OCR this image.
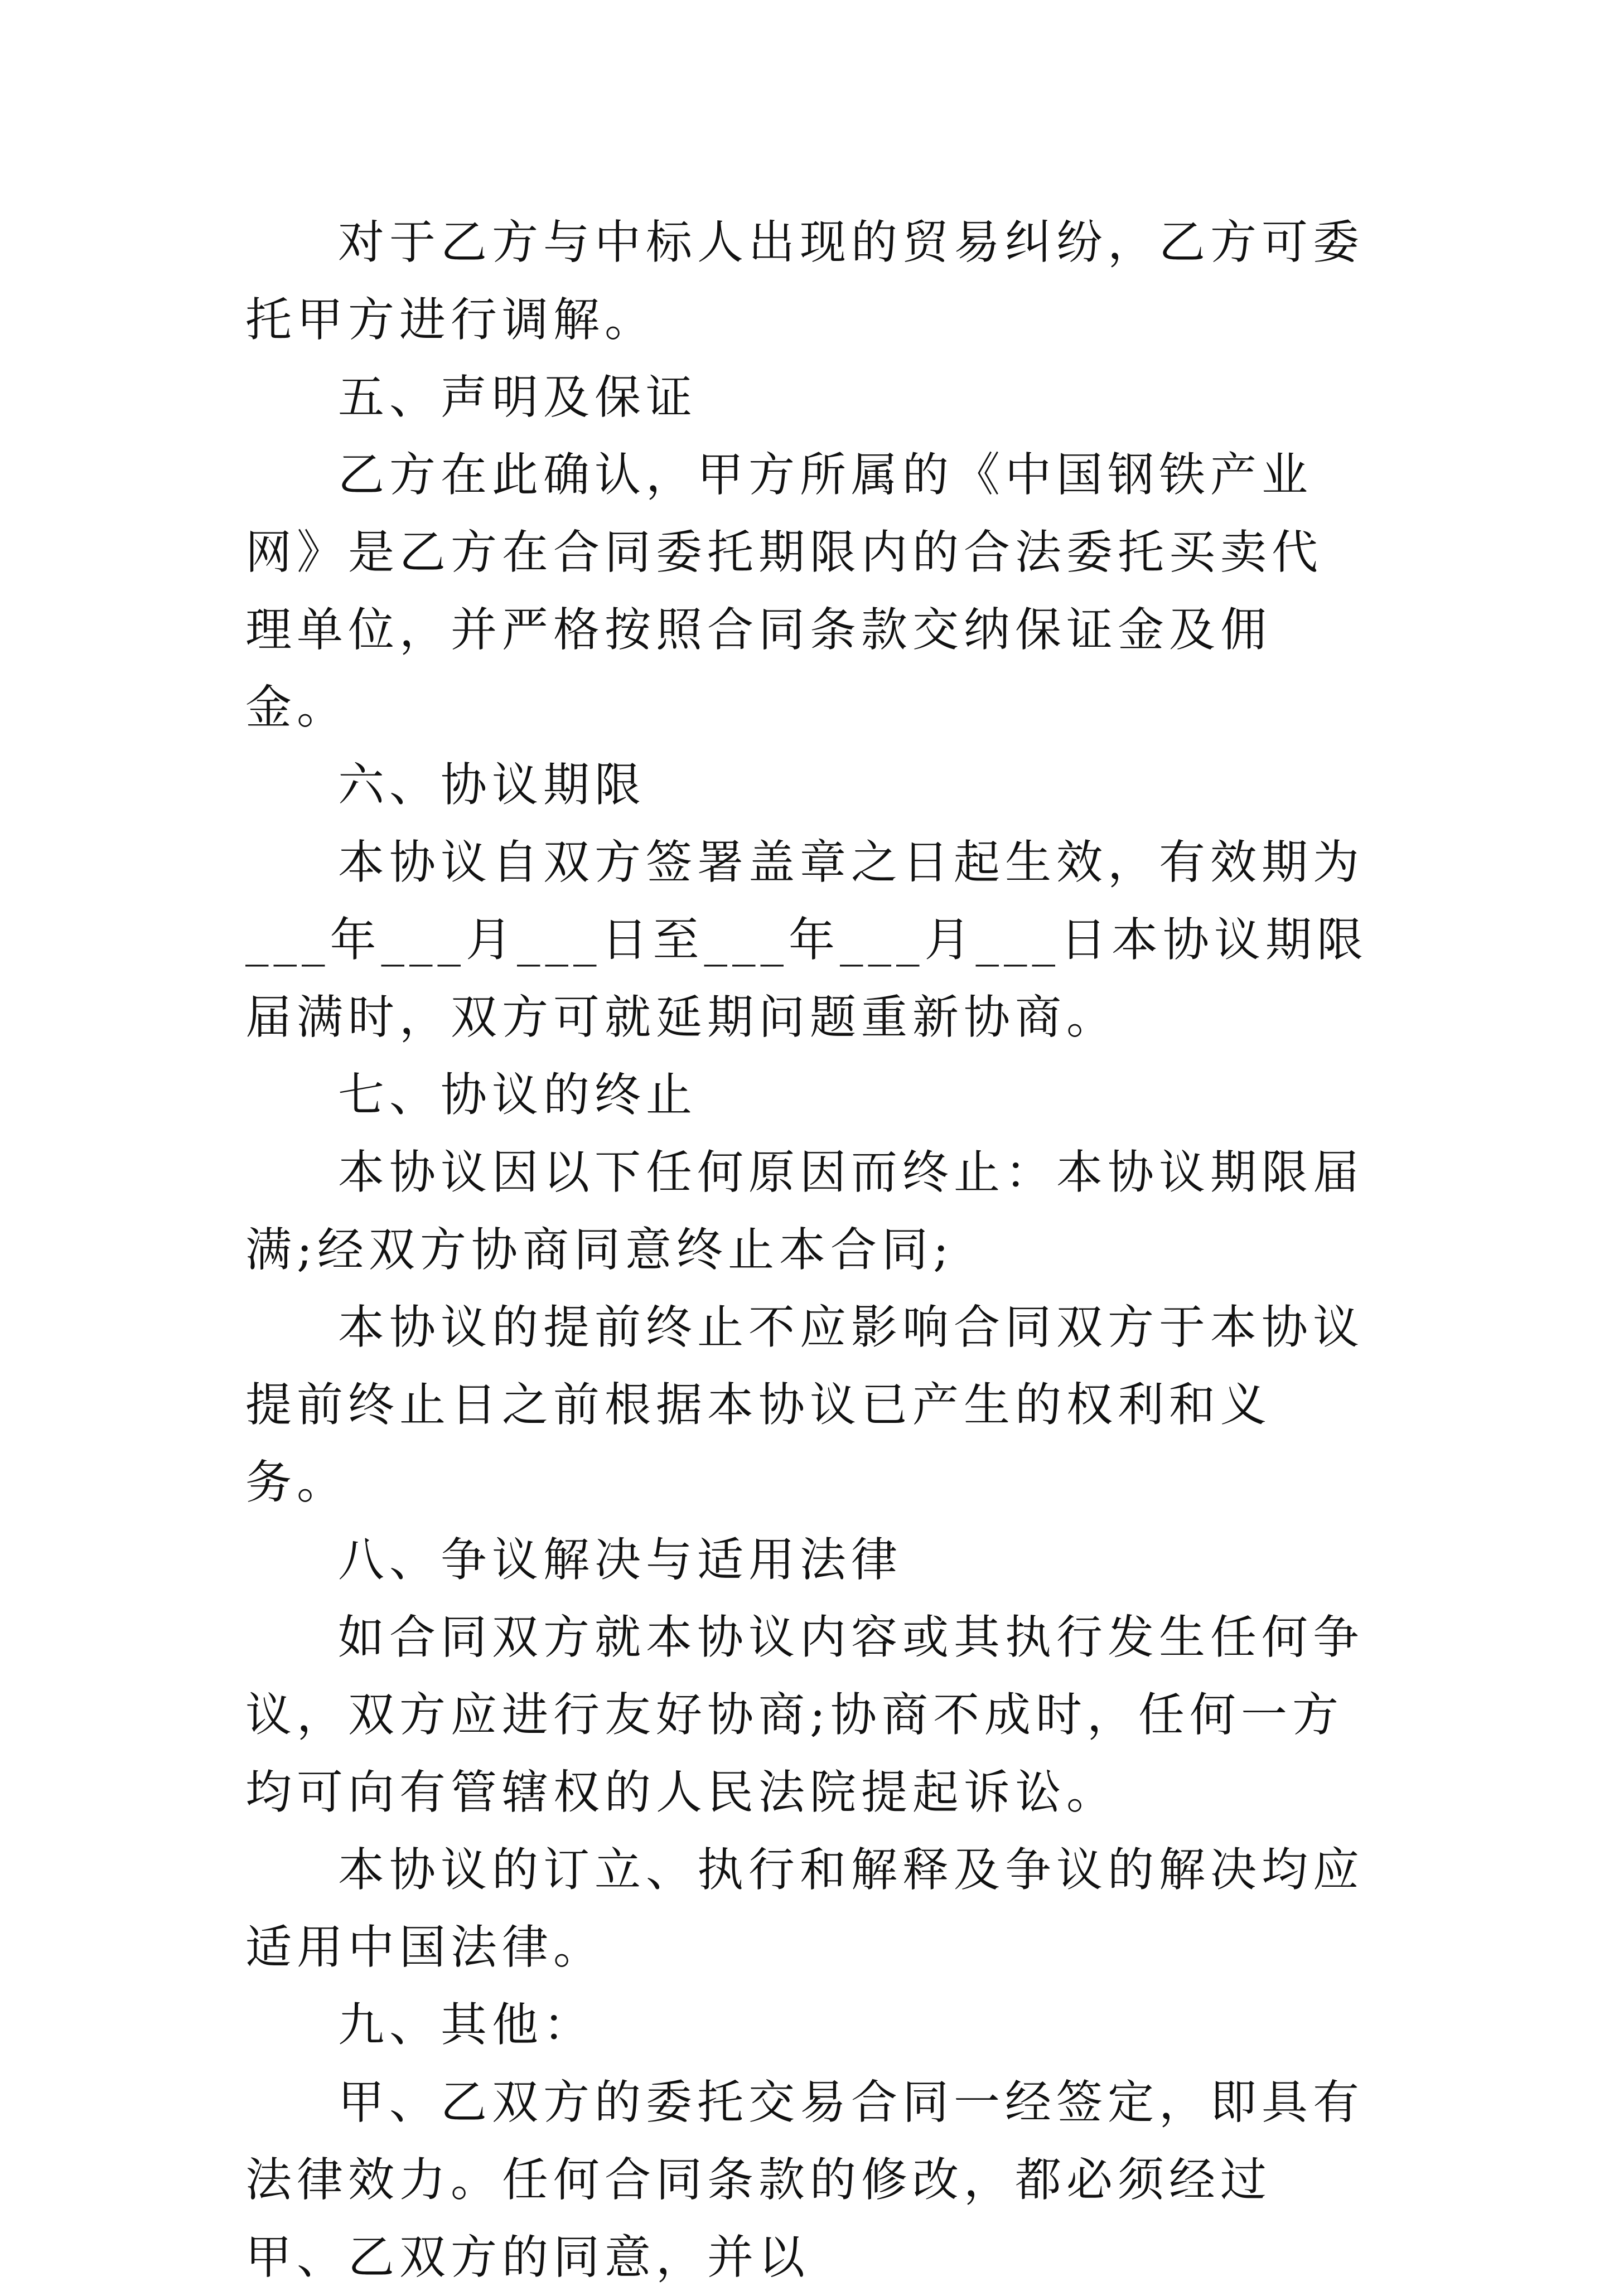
对于乙方与中标人出现的贸易纠纷，乙方可委托甲方进行调解。

五、声明及保证

乙方在此确认，甲方所属的《中国钢铁产业网》是乙方在合同委托期限内的合法委托买卖代理单位，并严格按照合同条款交纳保证金及佣金。

六、协议期限

本协议自双方签署盖章之日起生效，有效期为___年___月___日至___年___月___日本协议期限届满时，双方可就延期问题重新协商。

七、协议的终止

本协议因以下任何原因而终止：本协议期限届满;经双方协商同意终止本合同;

本协议的提前终止不应影响合同双方于本协议提前终止日之前根据本协议已产生的权利和义务。

八、争议解决与适用法律

如合同双方就本协议内容或其执行发生任何争议，双方应进行友好协商;协商不成时，任何一方均可向有管辖权的人民法院提起诉讼。

本协议的订立、执行和解释及争议的解决均应适用中国法律。

九、其他：

甲、乙双方的委托交易合同一经签定，即具有法律效力。任何合同条款的修改，都必须经过甲、乙双方的同意，并以
